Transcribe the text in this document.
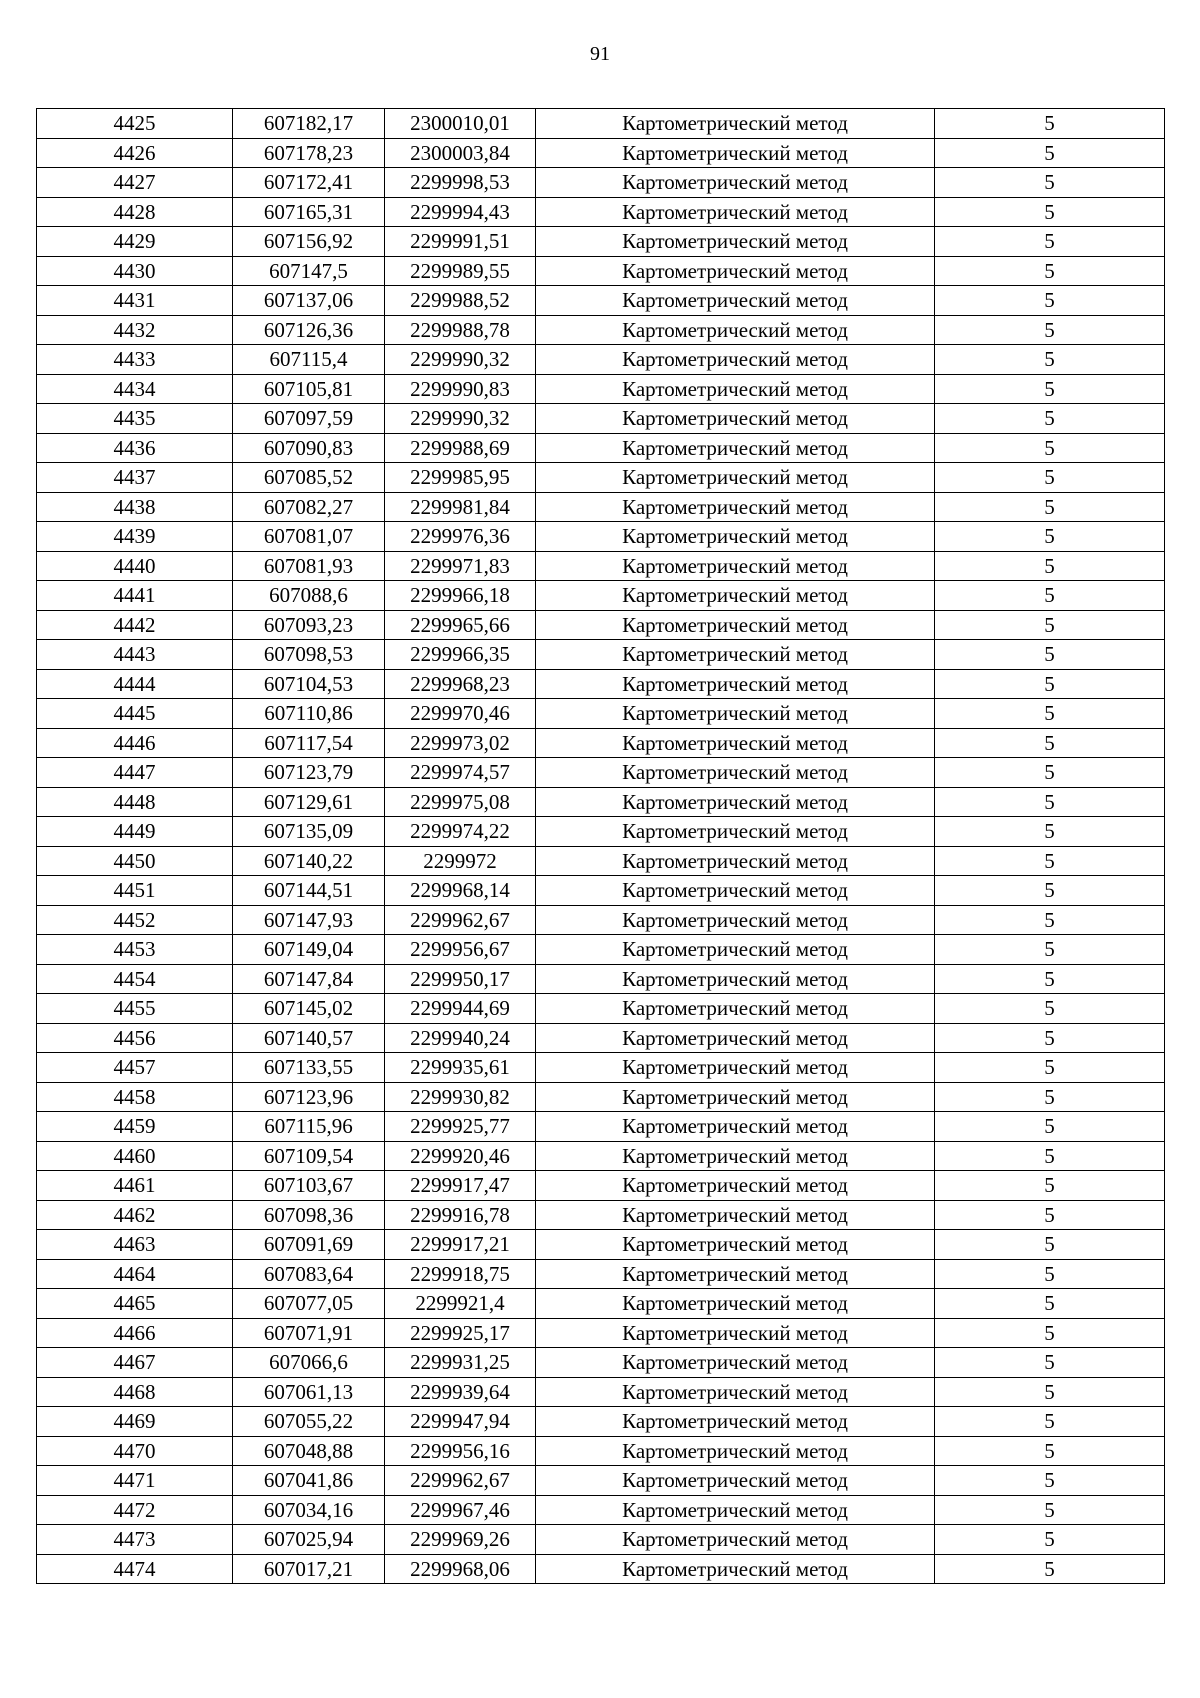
91
4425	607182,17	2300010,01	Картометрический метод	5
4426	607178,23	2300003,84	Картометрический метод	5
4427	607172,41	2299998,53	Картометрический метод	5
4428	607165,31	2299994,43	Картометрический метод	5
4429	607156,92	2299991,51	Картометрический метод	5
4430	607147,5	2299989,55	Картометрический метод	5
4431	607137,06	2299988,52	Картометрический метод	5
4432	607126,36	2299988,78	Картометрический метод	5
4433	607115,4	2299990,32	Картометрический метод	5
4434	607105,81	2299990,83	Картометрический метод	5
4435	607097,59	2299990,32	Картометрический метод	5
4436	607090,83	2299988,69	Картометрический метод	5
4437	607085,52	2299985,95	Картометрический метод	5
4438	607082,27	2299981,84	Картометрический метод	5
4439	607081,07	2299976,36	Картометрический метод	5
4440	607081,93	2299971,83	Картометрический метод	5
4441	607088,6	2299966,18	Картометрический метод	5
4442	607093,23	2299965,66	Картометрический метод	5
4443	607098,53	2299966,35	Картометрический метод	5
4444	607104,53	2299968,23	Картометрический метод	5
4445	607110,86	2299970,46	Картометрический метод	5
4446	607117,54	2299973,02	Картометрический метод	5
4447	607123,79	2299974,57	Картометрический метод	5
4448	607129,61	2299975,08	Картометрический метод	5
4449	607135,09	2299974,22	Картометрический метод	5
4450	607140,22	2299972	Картометрический метод	5
4451	607144,51	2299968,14	Картометрический метод	5
4452	607147,93	2299962,67	Картометрический метод	5
4453	607149,04	2299956,67	Картометрический метод	5
4454	607147,84	2299950,17	Картометрический метод	5
4455	607145,02	2299944,69	Картометрический метод	5
4456	607140,57	2299940,24	Картометрический метод	5
4457	607133,55	2299935,61	Картометрический метод	5
4458	607123,96	2299930,82	Картометрический метод	5
4459	607115,96	2299925,77	Картометрический метод	5
4460	607109,54	2299920,46	Картометрический метод	5
4461	607103,67	2299917,47	Картометрический метод	5
4462	607098,36	2299916,78	Картометрический метод	5
4463	607091,69	2299917,21	Картометрический метод	5
4464	607083,64	2299918,75	Картометрический метод	5
4465	607077,05	2299921,4	Картометрический метод	5
4466	607071,91	2299925,17	Картометрический метод	5
4467	607066,6	2299931,25	Картометрический метод	5
4468	607061,13	2299939,64	Картометрический метод	5
4469	607055,22	2299947,94	Картометрический метод	5
4470	607048,88	2299956,16	Картометрический метод	5
4471	607041,86	2299962,67	Картометрический метод	5
4472	607034,16	2299967,46	Картометрический метод	5
4473	607025,94	2299969,26	Картометрический метод	5
4474	607017,21	2299968,06	Картометрический метод	5
